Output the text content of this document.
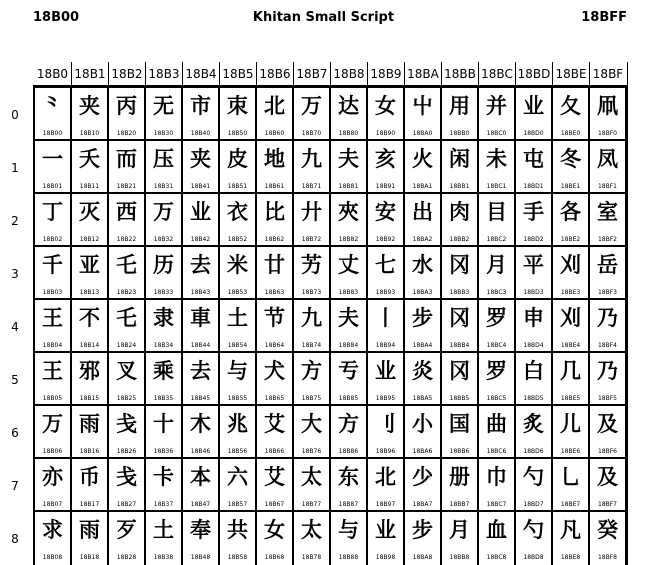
18B00	Khitan Small Script	18BFF
18B0 18B1 18B2 18B3 18B4 18B5 18B6 18B7 18B8 18B9 18BA 18BB 18BC 18BD 18BE 18BF
0
1
2
3
4
5
6
7
8
⺀
18B00
夹
18B10
丙
18B20
无
18B30
市
18B40
朿
18B50
北
18B60
万
18B70
达
18B80
女
18B90
屮
18BA0
用
18BB0
并
18BC0
业
18BD0
夂
18BE0
凧
18BF0
一
18B01
夭
18B11
而
18B21
压
18B31
夹
18B41
皮
18B51
地
18B61
九
18B71
夫
18B81
亥
18B91
火
18BA1
闲
18BB1
未
18BC1
屯
18BD1
冬
18BE1
凤
18BF1
丁
18B02
灭
18B12
西
18B22
万
18B32
业
18B42
衣
18B52
比
18B62
廾
18B72
夾
18B82
安
18B92
出
18BA2
肉
18BB2
目
18BC2
手
18BD2
各
18BE2
室
18BF2
千
18B03
亚
18B13
乇
18B23
历
18B33
去
18B43
米
18B53
廿
18B63
艻
18B73
丈
18B83
七
18B93
水
18BA3
冈
18BB3
月
18BC3
平
18BD3
刈
18BE3
岳
18BF3
王
18B04
不
18B14
乇
18B24
隶
18B34
車
18B44
土
18B54
节
18B64
九
18B74
夫
18B84
丨
18B94
步
18BA4
冈
18BB4
罗
18BC4
申
18BD4
刈
18BE4
乃
18BF4
王
18B05
邪
18B15
叉
18B25
乘
18B35
去
18B45
与
18B55
犬
18B65
方
18B75
亐
18B85
业
18B95
炎
18BA5
冈
18BB5
罗
18BC5
白
18BD5
几
18BE5
乃
18BF5
万
18B06
雨
18B16
戋
18B26
十
18B36
木
18B46
兆
18B56
艾
18B66
大
18B76
方
18B86
刂
18B96
小
18BA6
国
18BB6
曲
18BC6
炙
18BD6
儿
18BE6
及
18BF6
亦
18B07
币
18B17
戋
18B27
卡
18B37
本
18B47
六
18B57
艾
18B67
太
18B77
东
18B87
北
18B97
少
18BA7
册
18BB7
巾
18BC7
勺
18BD7
乚
18BE7
及
18BF7
求
18B08
雨
18B18
歹
18B28
土
18B38
奉
18B48
共
18B58
女
18B68
太
18B78
与
18B88
业
18B98
步
18BA8
月
18BB8
血
18BC8
勺
18BD8
凡
18BE8
癸
18BF8
